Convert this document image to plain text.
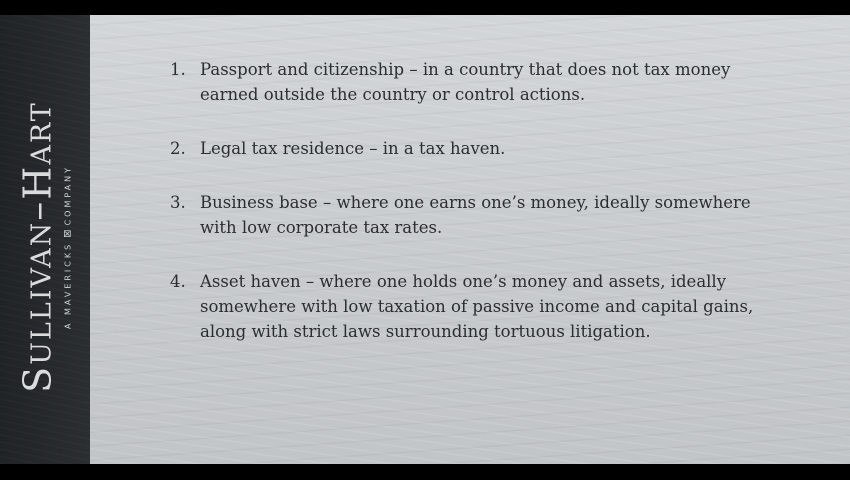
Sullivan–Hart
A MAVERICKS⊠COMPANY
1. Passport and citizenship – in a country that does not tax money earned outside the country or control actions.
2. Legal tax residence – in a tax haven.
3. Business base – where one earns one’s money, ideally somewhere with low corporate tax rates.
4. Asset haven – where one holds one’s money and assets, ideally somewhere with low taxation of passive income and capital gains, along with strict laws surrounding tortuous litigation.
